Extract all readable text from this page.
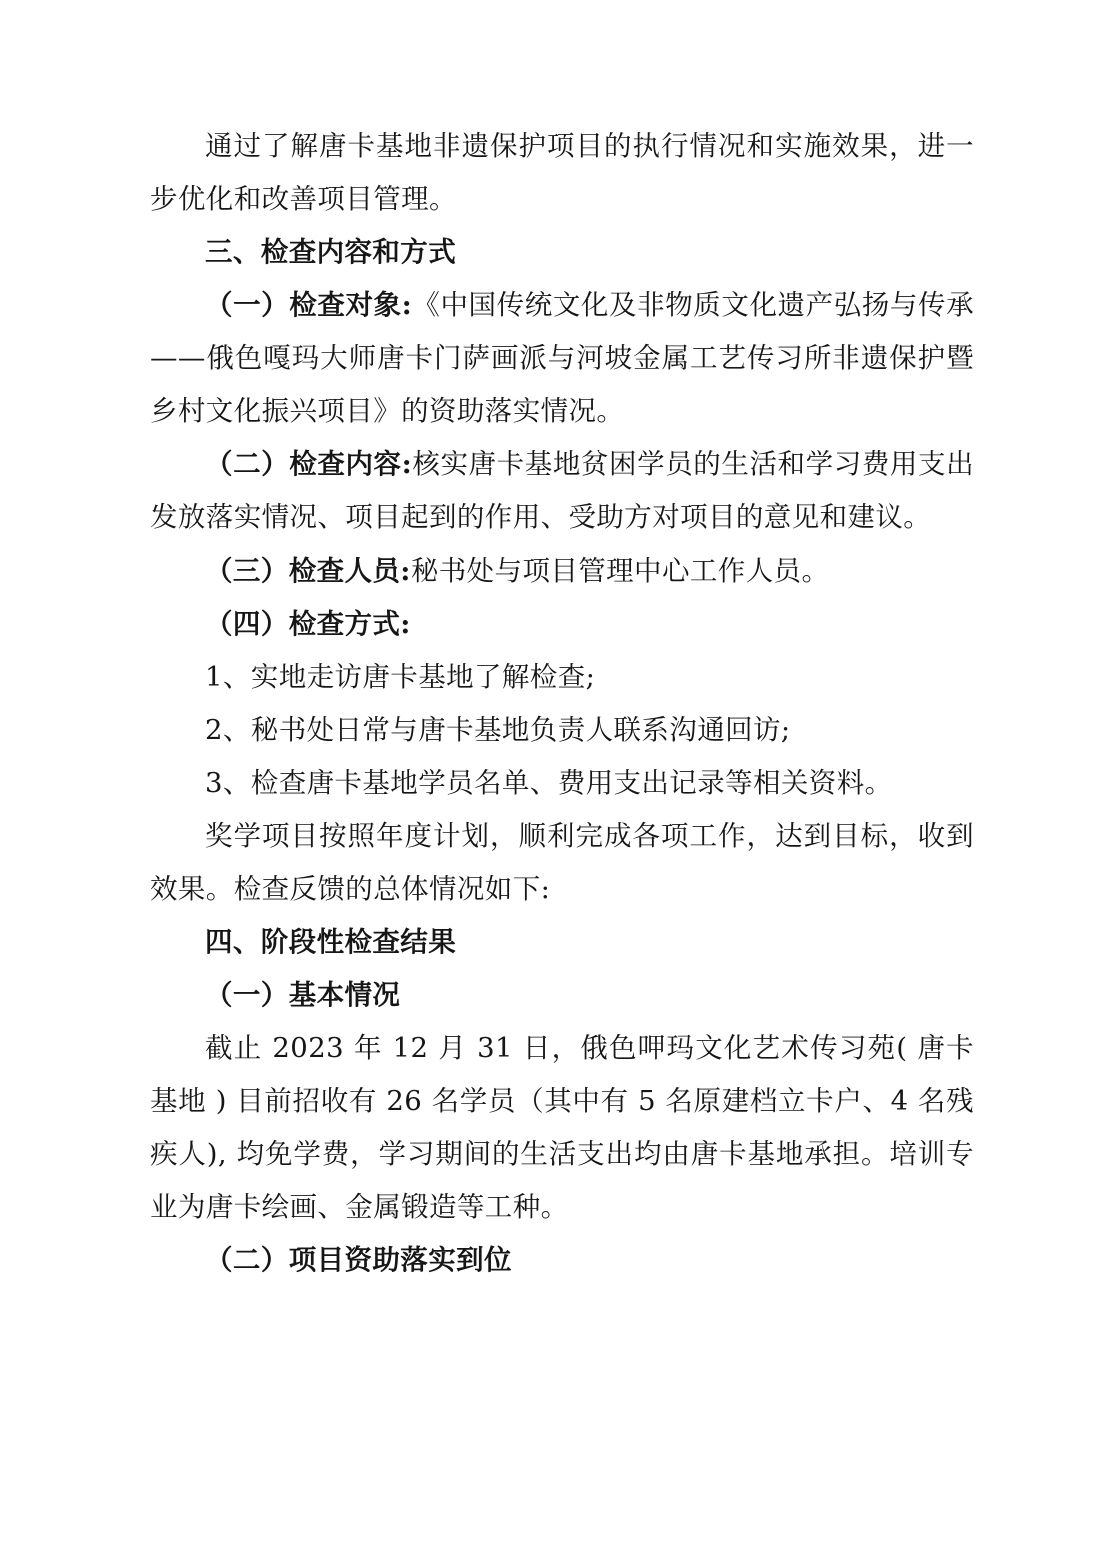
通过了解唐卡基地非遗保护项目的执行情况和实施效果，进一步优化和改善项目管理。

三、检查内容和方式

（一）检查对象:《中国传统文化及非物质文化遗产弘扬与传承——俄色嘎玛大师唐卡门萨画派与河坡金属工艺传习所非遗保护暨乡村文化振兴项目》的资助落实情况。

（二）检查内容:核实唐卡基地贫困学员的生活和学习费用支出发放落实情况、项目起到的作用、受助方对项目的意见和建议。

（三）检查人员:秘书处与项目管理中心工作人员。

（四）检查方式:

1、实地走访唐卡基地了解检查;

2、秘书处日常与唐卡基地负责人联系沟通回访;

3、检查唐卡基地学员名单、费用支出记录等相关资料。

奖学项目按照年度计划，顺利完成各项工作，达到目标，收到效果。检查反馈的总体情况如下:

四、阶段性检查结果

（一）基本情况

截止 2023 年 12 月 31 日，俄色呷玛文化艺术传习苑( 唐卡基地 ) 目前招收有 26 名学员（其中有 5 名原建档立卡户、4 名残疾人), 均免学费，学习期间的生活支出均由唐卡基地承担。培训专业为唐卡绘画、金属锻造等工种。

（二）项目资助落实到位
